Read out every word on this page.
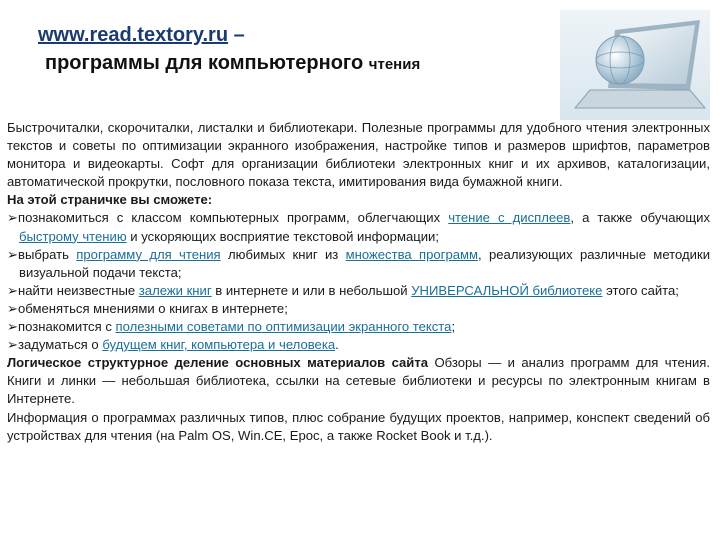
www.read.textory.ru –
программы для компьютерного чтения

Быстрочиталки, скорочиталки, листалки и библиотекари. Полезные программы для удобного чтения электронных текстов и советы по оптимизации экранного изображения, настройке типов и размеров шрифтов, параметров монитора и видеокарты. Софт для организации библиотеки электронных книг и их архивов, каталогизации, автоматической прокрутки, пословного показа текста, имитирования вида бумажной книги.

На этой страничке вы сможете:

➢познакомиться с классом компьютерных программ, облегчающих чтение с дисплеев, а также обучающих быстрому чтению и ускоряющих восприятие текстовой информации;

➢выбрать программу для чтения любимых книг из множества программ, реализующих различные методики визуальной подачи текста;

➢найти неизвестные залежи книг в интернете и или в небольшой УНИВЕРСАЛЬНОЙ библиотеке этого сайта;

➢обменяться мнениями о книгах в интернете;

➢познакомится с полезными советами по оптимизации экранного текста;

➢задуматься о будущем книг, компьютера и человека.

Логическое структурное деление основных материалов сайта Обзоры — и анализ программ для чтения. Книги и линки — небольшая библиотека, ссылки на сетевые библиотеки и ресурсы по электронным книгам в Интернете.

Информация о программах различных типов, плюс собрание будущих проектов, например, конспект сведений об устройствах для чтения (на Palm OS, Win.CE, Epoc, а также Rocket Book и т.д.).
